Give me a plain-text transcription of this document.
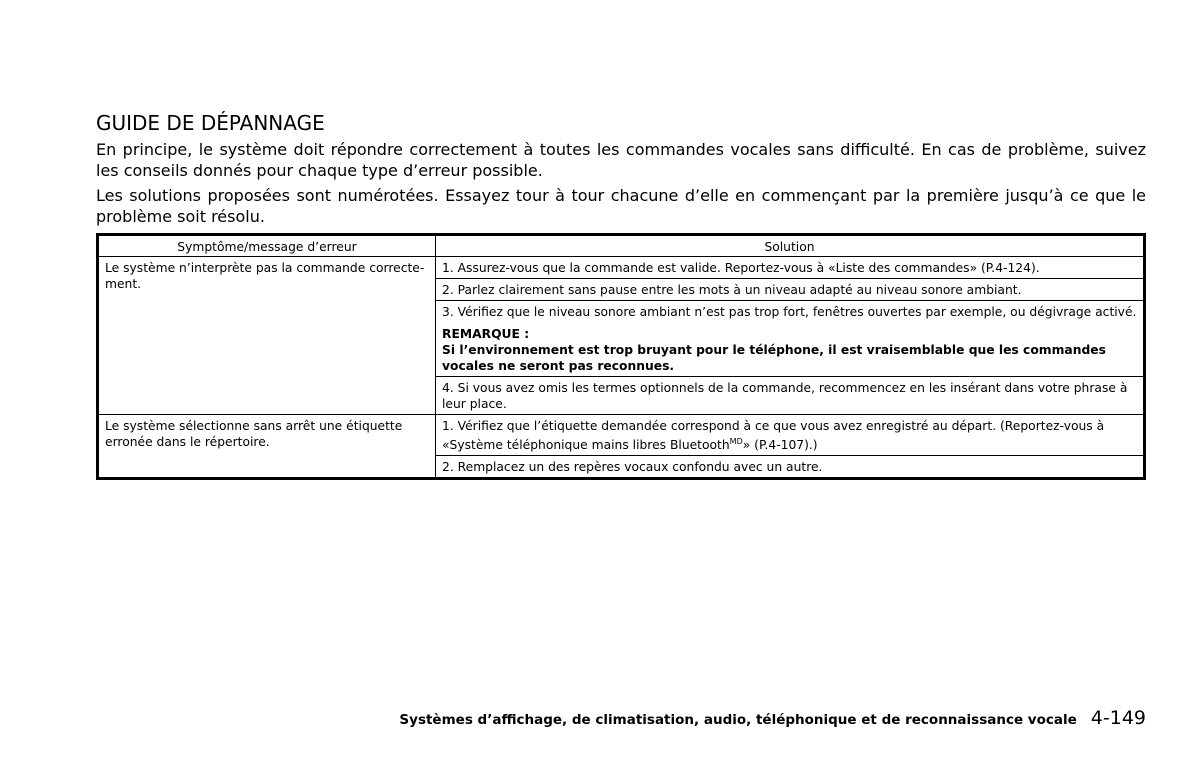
GUIDE DE DÉPANNAGE

En principe, le système doit répondre correctement à toutes les commandes vocales sans difficulté. En cas de problème, suivez les conseils donnés pour chaque type d’erreur possible.

Les solutions proposées sont numérotées. Essayez tour à tour chacune d’elle en commençant par la première jusqu’à ce que le problème soit résolu.

Symptôme/message d’erreur	Solution
Le système n’interprète pas la commande correcte-ment.	1. Assurez-vous que la commande est valide. Reportez-vous à «Liste des commandes» (P.4-124).
	2. Parlez clairement sans pause entre les mots à un niveau adapté au niveau sonore ambiant.

	3. Vérifiez que le niveau sonore ambiant n’est pas trop fort, fenêtres ouvertes par exemple, ou dégivrage activé.
REMARQUE :
Si l’environnement est trop bruyant pour le téléphone, il est vraisemblable que les commandes vocales ne seront pas reconnues.

	4. Si vous avez omis les termes optionnels de la commande, recommencez en les insérant dans votre phrase à leur place.
Le système sélectionne sans arrêt une étiquette erronée dans le répertoire.	1. Vérifiez que l’étiquette demandée correspond à ce que vous avez enregistré au départ. (Reportez-vous à «Système téléphonique mains libres Bluetooth$^{MD}$» (P.4-107).)
	2. Remplacez un des repères vocaux confondu avec un autre.
Systèmes d’affichage, de climatisation, audio, téléphonique et de reconnaissance vocale 4-149
